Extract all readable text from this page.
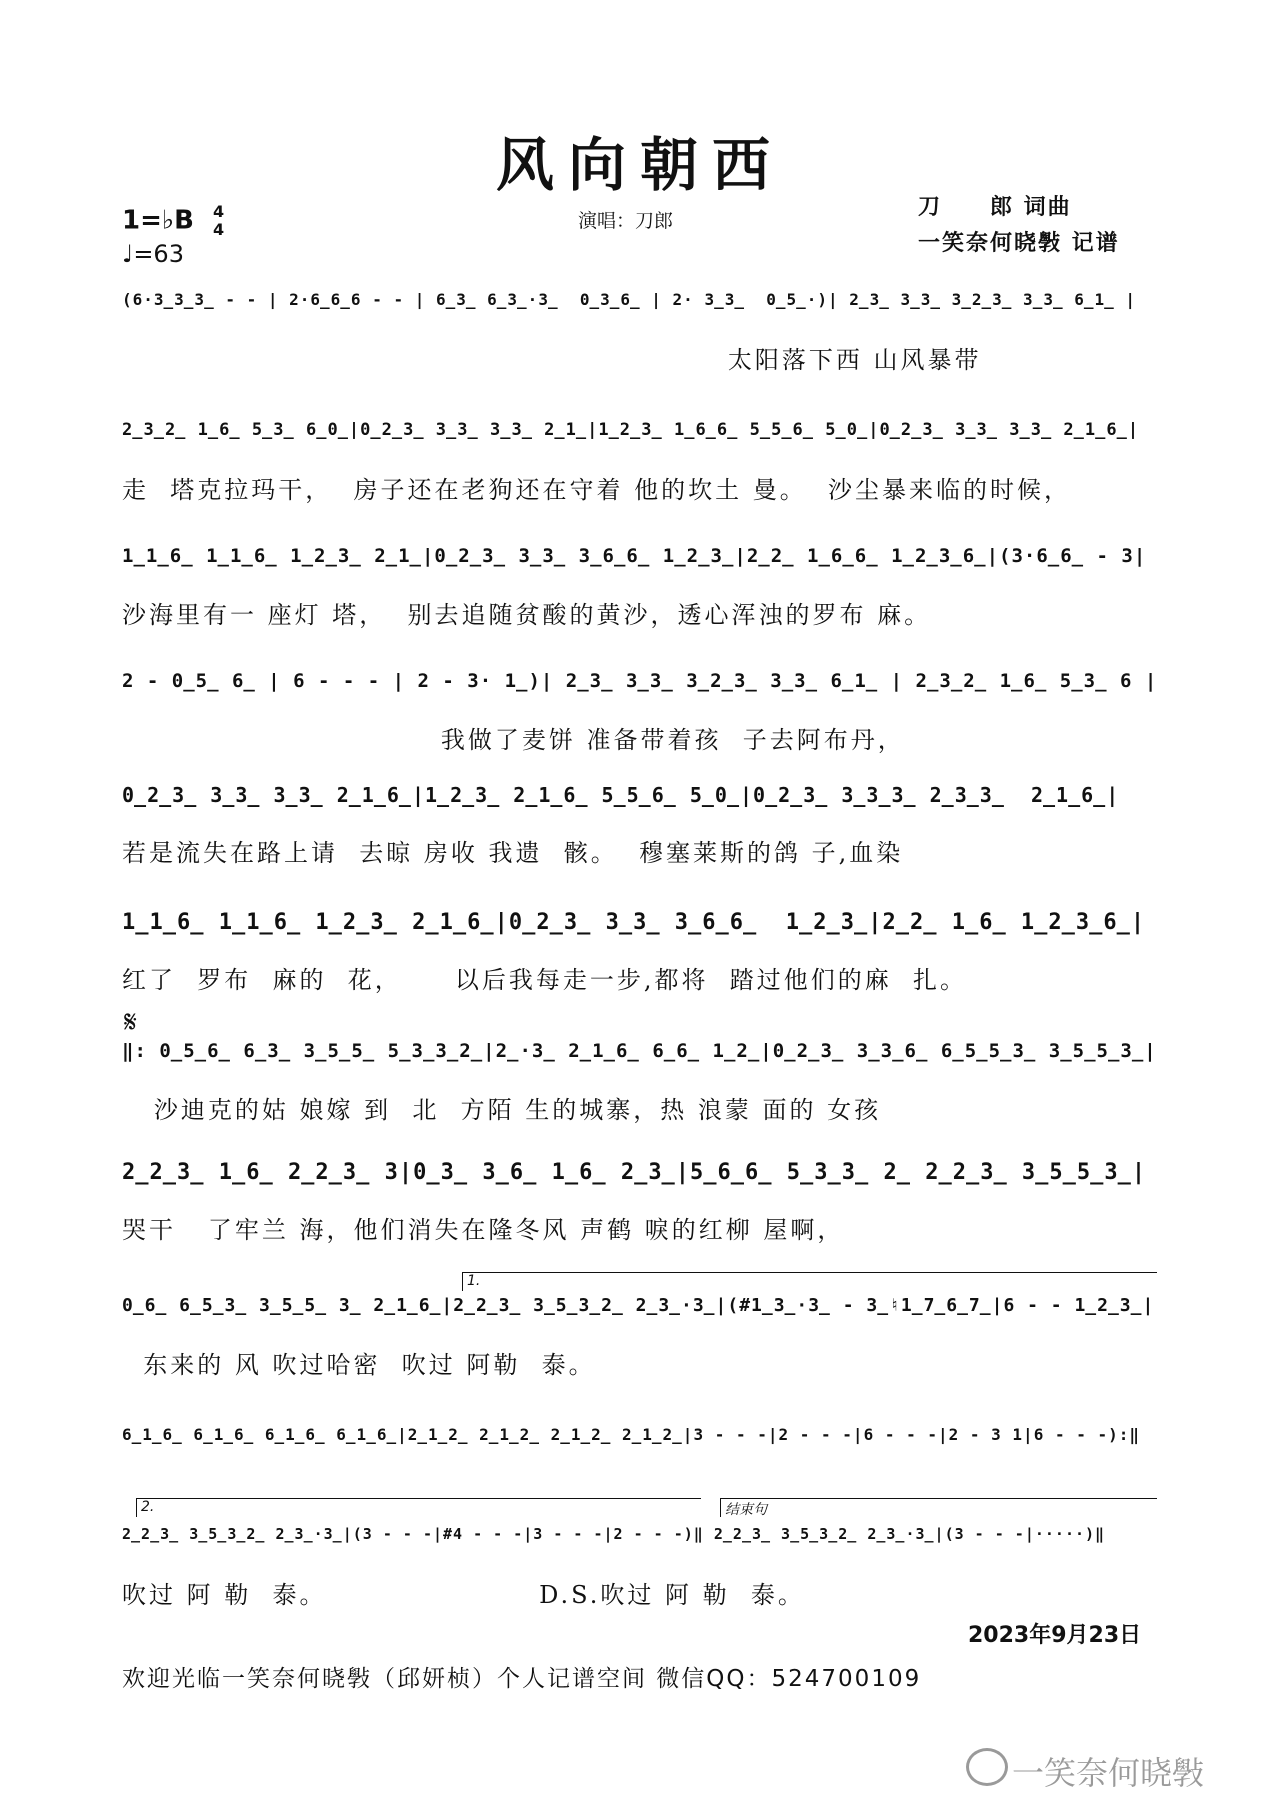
风向朝西
1=♭B 4
4
♩=63
演唱：刀郎
刀　　郎 词曲
一笑奈何晓斅 记谱
(6·3̲3̲3̲ - - | 2·6̲6̲6 - - | 6̲3̲ 6̲3̲·3̲  0̲3̲6̲ | 2· 3̲3̲  0̲5̲·)| 2̲3̲ 3̲3̲ 3̲2̲3̲ 3̲3̲ 6̲1̲ |
太阳落下西 山风暴带
2̲3̲2̲ 1̲6̲ 5̲3̲ 6̲0̲|0̲2̲3̲ 3̲3̲ 3̲3̲ 2̲1̲|1̲2̲3̲ 1̲6̲6̲ 5̲5̲6̲ 5̲0̲|0̲2̲3̲ 3̲3̲ 3̲3̲ 2̲1̲6̲|
走  塔克拉玛干，  房子还在老狗还在守着 他的坎土 曼。  沙尘暴来临的时候，
1̲1̲6̲ 1̲1̲6̲ 1̲2̲3̲ 2̲1̲|0̲2̲3̲ 3̲3̲ 3̲6̲6̲ 1̲2̲3̲|2̲2̲ 1̲6̲6̲ 1̲2̲3̲6̲|(3·6̲6̲ - 3|
沙海里有一 座灯 塔，  别去追随贫酸的黄沙，透心浑浊的罗布 麻。
2 - 0̲5̲ 6̲ | 6 - - - | 2 - 3· 1̲)| 2̲3̲ 3̲3̲ 3̲2̲3̲ 3̲3̲ 6̲1̲ | 2̲3̲2̲ 1̲6̲ 5̲3̲ 6 |
我做了麦饼 准备带着孩  子去阿布丹，
0̲2̲3̲ 3̲3̲ 3̲3̲ 2̲1̲6̲|1̲2̲3̲ 2̲1̲6̲ 5̲5̲6̲ 5̲0̲|0̲2̲3̲ 3̲3̲3̲ 2̲3̲3̲  2̲1̲6̲|
若是流失在路上请  去晾 房收 我遗  骸。  穆塞莱斯的鸽 子,血染
1̲1̲6̲ 1̲1̲6̲ 1̲2̲3̲ 2̲1̲6̲|0̲2̲3̲ 3̲3̲ 3̲6̲6̲  1̲2̲3̲|2̲2̲ 1̲6̲ 1̲2̲3̲6̲|
红了  罗布  麻的  花，     以后我每走一步,都将  踏过他们的麻  扎。
‖: 0̲5̲6̲ 6̲3̲ 3̲5̲5̲ 5̲3̲3̲2̲|2̲·3̲ 2̲1̲6̲ 6̲6̲ 1̲2̲|0̲2̲3̲ 3̲3̲6̲ 6̲5̲5̲3̲ 3̲5̲5̲3̲|
沙迪克的姑 娘嫁 到  北  方陌 生的城寨，热 浪蒙 面的 女孩
2̲2̲3̲ 1̲6̲ 2̲2̲3̲ 3|0̲3̲ 3̲6̲ 1̲6̲ 2̲3̲|5̲6̲6̲ 5̲3̲3̲ 2̲ 2̲2̲3̲ 3̲5̲5̲3̲|
哭干   了牢兰 海，他们消失在隆冬风 声鹤 唳的红柳 屋啊，
0̲6̲ 6̲5̲3̲ 3̲5̲5̲ 3̲ 2̲1̲6̲|2̲2̲3̲ 3̲5̲3̲2̲ 2̲3̲·3̲|(#1̲3̲·3̲ - 3̲♮1̲7̲6̲7̲|6 - - 1̲2̲3̲|
东来的 风 吹过哈密  吹过 阿勒  泰。
6̲1̲6̲ 6̲1̲6̲ 6̲1̲6̲ 6̲1̲6̲|2̲1̲2̲ 2̲1̲2̲ 2̲1̲2̲ 2̲1̲2̲|3 - - -|2 - - -|6 - - -|2 - 3 1|6 - - -):‖
2̲2̲3̲ 3̲5̲3̲2̲ 2̲3̲·3̲|(3 - - -|#4 - - -|3 - - -|2 - - -)‖ 2̲2̲3̲ 3̲5̲3̲2̲ 2̲3̲·3̲|(3 - - -|·····)‖
吹过 阿 勒  泰。                    D.S.吹过 阿 勒  泰。
𝄋
1.
2.	结束句
2023年9月23日
欢迎光临一笑奈何晓斅（邱妍桢）个人记谱空间 微信QQ：524700109
一笑奈何晓斅
